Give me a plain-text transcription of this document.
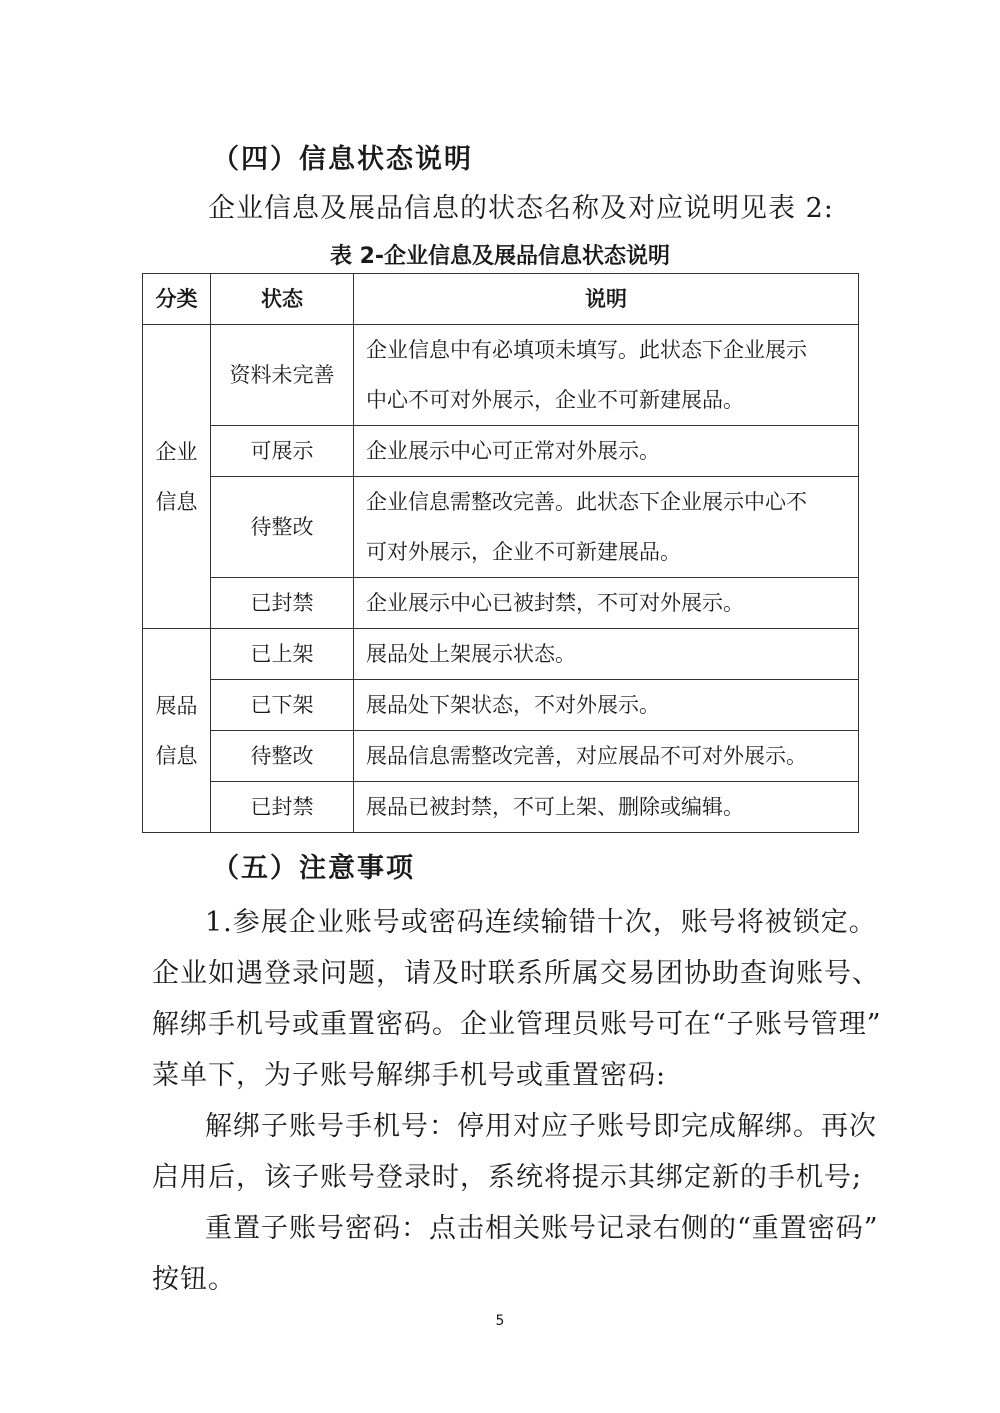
（四）信息状态说明
企业信息及展品信息的状态名称及对应说明见表 2:
表 2-企业信息及展品信息状态说明
分类	状态	说明

企业
信息	资料未完善	企业信息中有必填项未填写。此状态下企业展示
中心不可对外展示，企业不可新建展品。

	可展示	企业展示中心可正常对外展示。

	待整改	企业信息需整改完善。此状态下企业展示中心不
可对外展示，企业不可新建展品。

	已封禁	企业展示中心已被封禁，不可对外展示。

展品
信息	已上架	展品处上架展示状态。

	已下架	展品处下架状态，不对外展示。

	待整改	展品信息需整改完善，对应展品不可对外展示。

	已封禁	展品已被封禁，不可上架、删除或编辑。
（五）注意事项
1.参展企业账号或密码连续输错十次，账号将被锁定。
企业如遇登录问题，请及时联系所属交易团协助查询账号、
解绑手机号或重置密码。企业管理员账号可在“子账号管理”
菜单下，为子账号解绑手机号或重置密码:
解绑子账号手机号：停用对应子账号即完成解绑。再次
启用后，该子账号登录时，系统将提示其绑定新的手机号;
重置子账号密码：点击相关账号记录右侧的“重置密码”
按钮。
5
